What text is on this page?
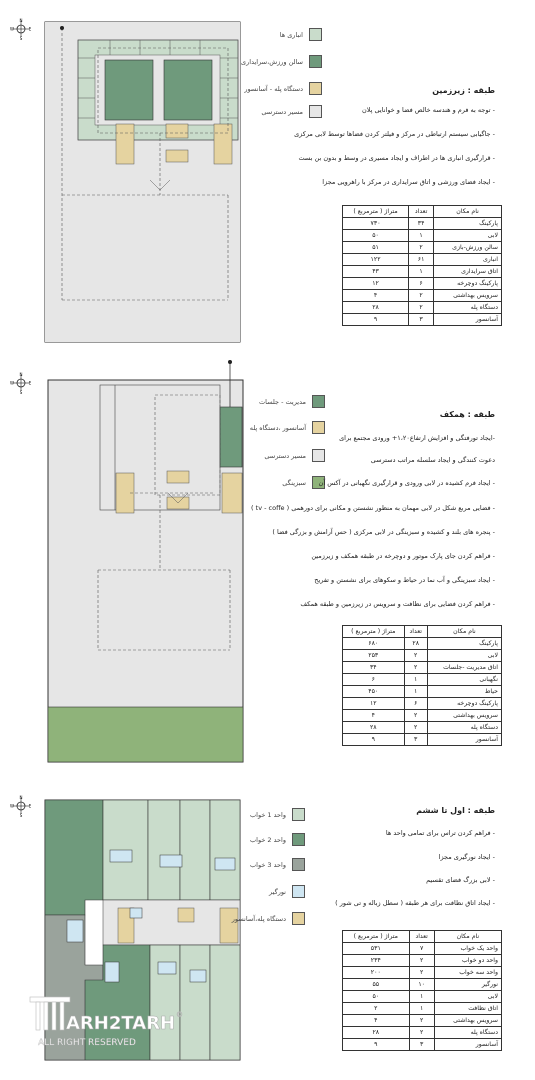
N
S
W	E
N
S
W	E
N
S
W	E
انباری ها
سالن ورزش،سرایداری
دستگاه پله - آسانسور
مسیر دسترسی
مدیریت - جلسات
آسانسور ،دستگاه پله
مسیر دسترسی
سبزینگی
واحد 1 خواب
واحد 2 خواب
واحد 3 خواب
نورگیر
دستگاه پله،آسانسور
طبقه : زیرزمین
- توجه به فرم و هندسه خالص فضا و خوانایی پلان
- جاگیابی سیستم ارتباطی در مرکز و فیلتر کردن فضاها توسط لابی مرکزی
- قرارگیری انباری ها در اطراف و ایجاد مسیری در وسط و بدون بن بست
- ایجاد فضای ورزشی و اتاق سرایداری در مرکز با راهرویی مجزا
طبقه : همکف
-ایجاد تورفتگی و افزایش ارتفاع۱،۲۰+ ورودی مجتمع برای
دعوت کنندگی و ایجاد سلسله مراتب دسترسی
- ایجاد فرم کشیده در لابی ورودی و قرارگیری نگهبانی در آکس آن
- فضایی مربع شکل در لابی مهمان به منظور نشستن و مکانی برای دورهمی ( tv - coffe )
- پنجره های بلند و کشیده و سبزینگی در لابی مرکزی ( حس آرامش و بزرگی فضا )
- فراهم کردن جای پارک موتور و دوچرخه در طبقه همکف و زیرزمین
- ایجاد سبزینگی و آب نما در حیاط و سکوهای برای نشستن و تفریح
- فراهم کردن فضایی برای نظافت و سرویس در زیرزمین و طبقه همکف
طبقه : اول تا ششم
- فراهم کردن تراس برای تمامی واحد ها
- ایجاد نورگیری مجزا
- لابی بزرگ فضای تقسیم
- ایجاد اتاق نظافت برای هر طبقه ( سطل زباله و تی شور )
نام مکان	تعداد	متراژ ( مترمربع )
پارکینگ	۳۴	۷۳۰
لابی	۱	۵۰
سالن ورزش-بازی	۲	۵۱
انباری	۶۱	۱۲۲
اتاق سرایداری	۱	۴۳
پارکینگ دوچرخه	۶	۱۲
سرویس بهداشتی	۲	۴
دستگاه پله	۲	۲۸
آسانسور	۳	۹
نام مکان	تعداد	متراژ ( مترمربع )
پارکینگ	۲۸	۶۸۰
لابی	۲	۲۵۳
اتاق مدیریت -جلسات	۲	۳۴
نگهبانی	۱	۶
حیاط	۱	۴۵۰
پارکینگ دوچرخه	۶	۱۲
سرویس بهداشتی	۲	۴
دستگاه پله	۲	۲۸
آسانسور	۳	۹
نام مکان	تعداد	متراژ ( مترمربع )
واحد یک خواب	۷	۵۳۱
واحد دو خواب	۲	۲۳۴
واحد سه خواب	۲	۲۰۰
نورگیر	۱۰	۵۵
لابی	۱	۵۰
اتاق نظافت	۱	۲
سرویس بهداشتی	۲	۴
دستگاه پله	۲	۲۸
آسانسور	۳	۹
ARH2TARH ©
ALL RIGHT RESERVED
